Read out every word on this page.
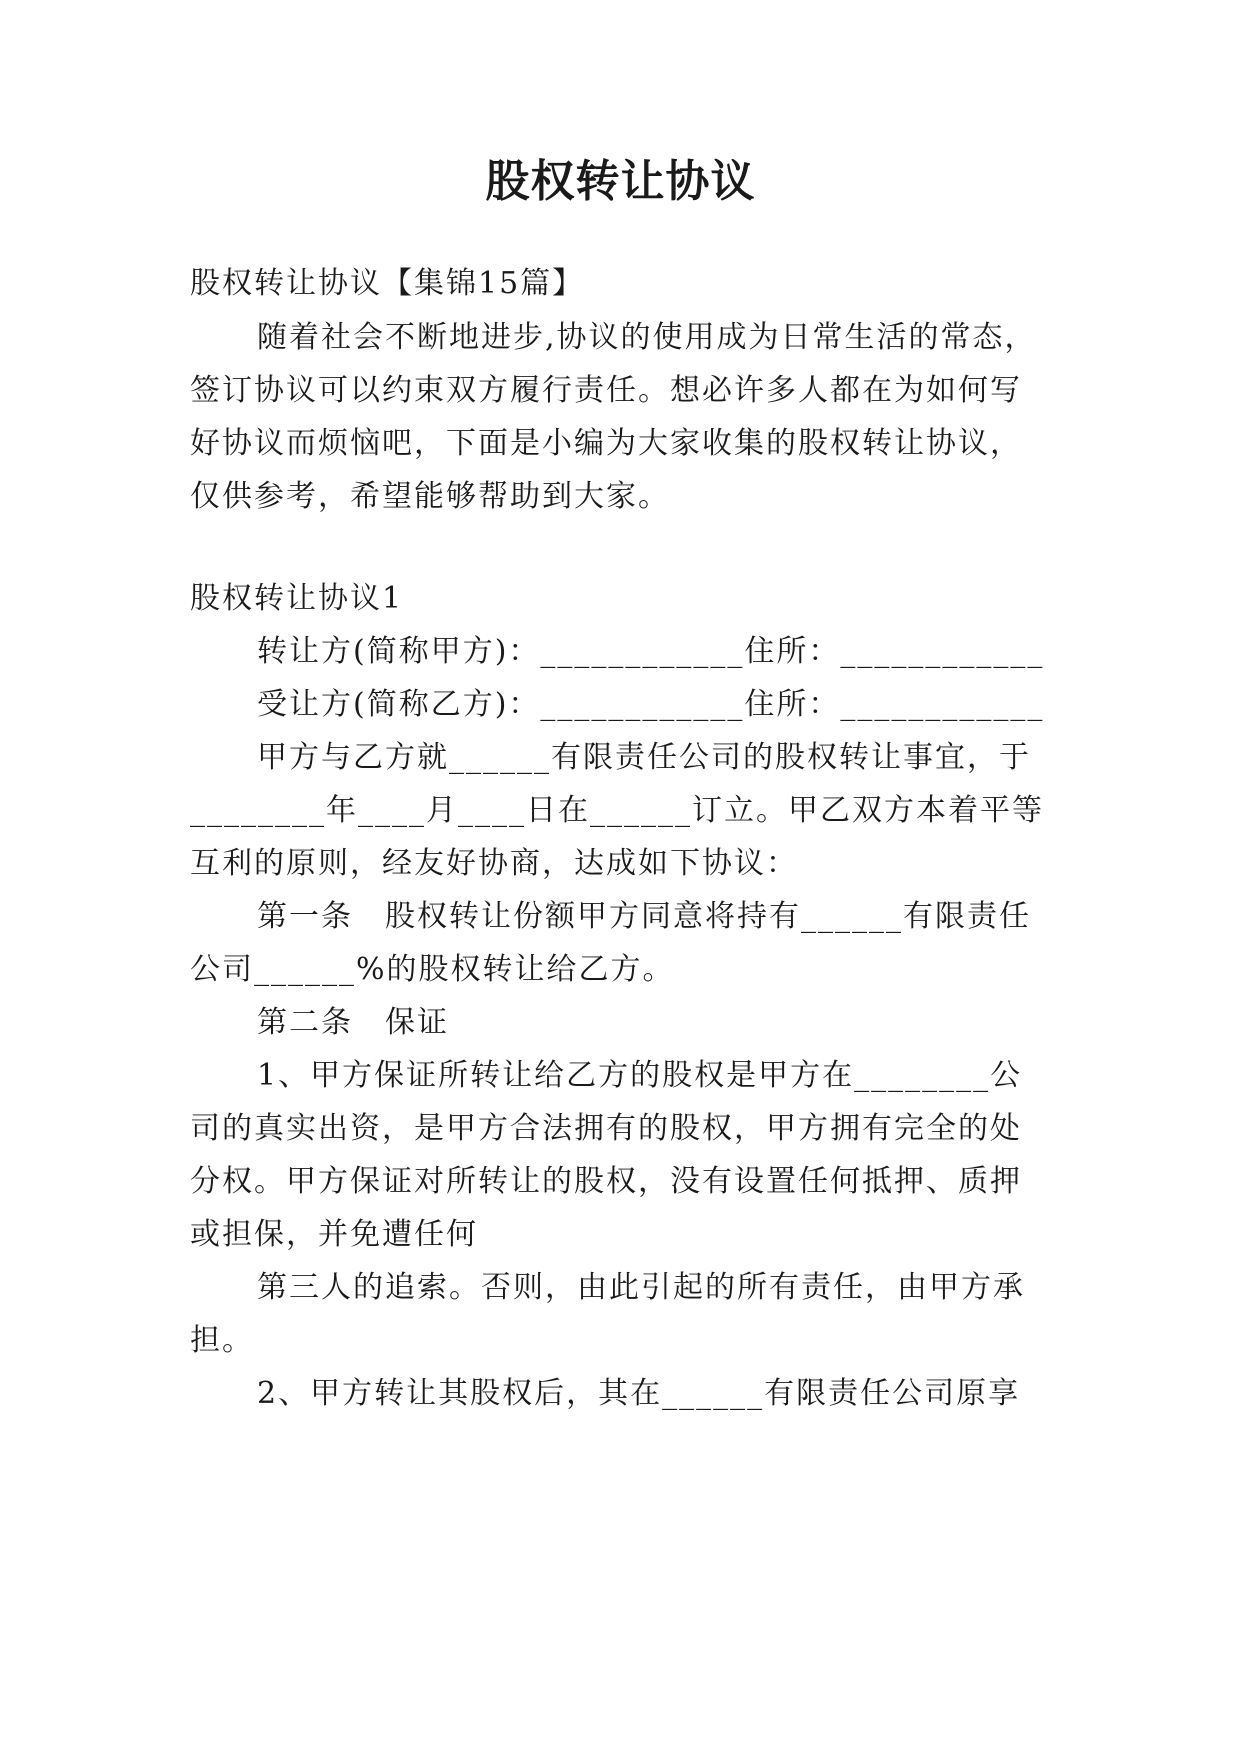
股权转让协议
股权转让协议【集锦15篇】
随着社会不断地进步,协议的使用成为日常生活的常态，
签订协议可以约束双方履行责任。想必许多人都在为如何写
好协议而烦恼吧，下面是小编为大家收集的股权转让协议，
仅供参考，希望能够帮助到大家。
股权转让协议1
转让方(简称甲方)：____________住所：____________
受让方(简称乙方)：____________住所：____________
甲方与乙方就______有限责任公司的股权转让事宜，于
________年____月____日在______订立。甲乙双方本着平等
互利的原则，经友好协商，达成如下协议：
第一条　股权转让份额甲方同意将持有______有限责任
公司______%的股权转让给乙方。
第二条　保证
1、甲方保证所转让给乙方的股权是甲方在________公
司的真实出资，是甲方合法拥有的股权，甲方拥有完全的处
分权。甲方保证对所转让的股权，没有设置任何抵押、质押
或担保，并免遭任何
第三人的追索。否则，由此引起的所有责任，由甲方承
担。
2、甲方转让其股权后，其在______有限责任公司原享
